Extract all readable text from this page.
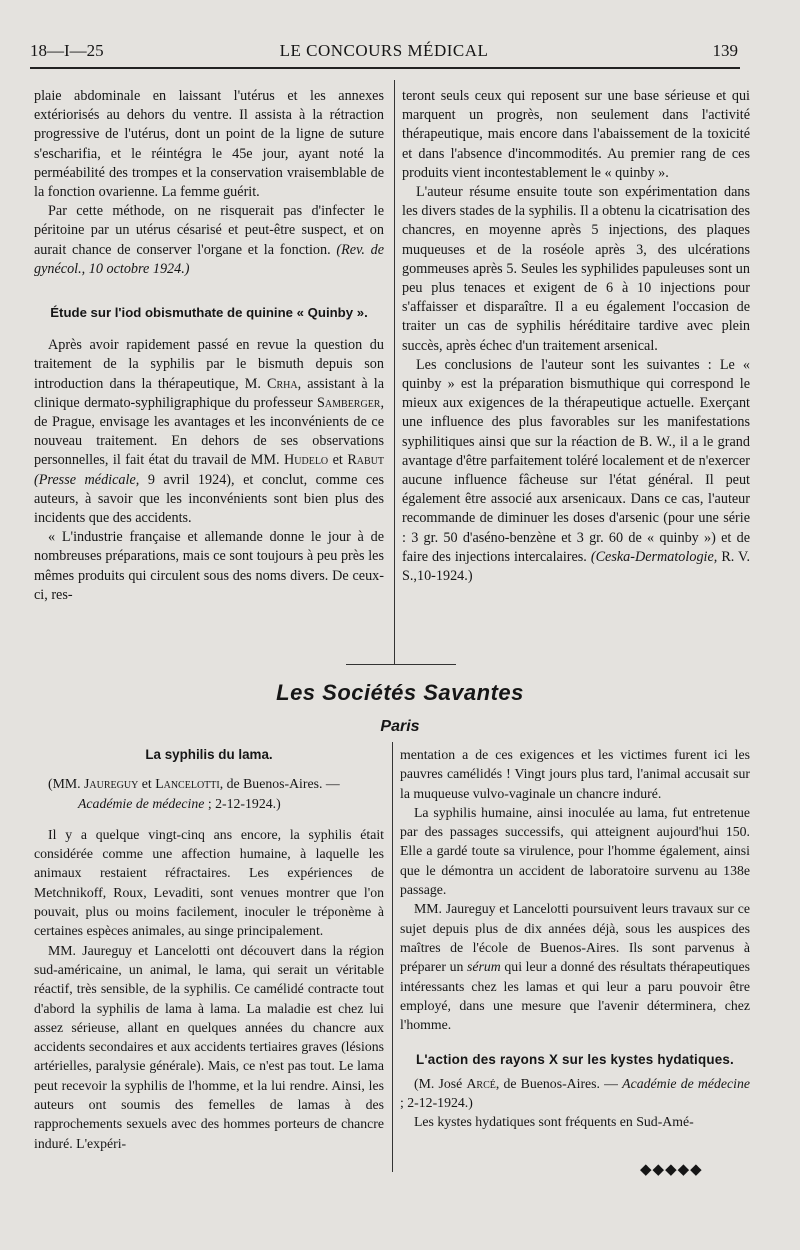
18—I—25	LE CONCOURS MÉDICAL	139

plaie abdominale en laissant l'utérus et les annexes extériorisés au dehors du ventre. Il assista à la rétraction progressive de l'utérus, dont un point de la ligne de suture s'escharifia, et le réintégra le 45e jour, ayant noté la perméabilité des trompes et la conservation vraisemblable de la fonction ovarienne. La femme guérit.

Par cette méthode, on ne risquerait pas d'infecter le péritoine par un utérus césarisé et peut-être suspect, et on aurait chance de conserver l'organe et la fonction. (Rev. de gynécol., 10 octobre 1924.)

Étude sur l'iod obismuthate de quinine « Quinby ».

Après avoir rapidement passé en revue la question du traitement de la syphilis par le bismuth depuis son introduction dans la thérapeutique, M. Crha, assistant à la clinique dermato-syphiligraphique du professeur Samberger, de Prague, envisage les avantages et les inconvénients de ce nouveau traitement. En dehors de ses observations personnelles, il fait état du travail de MM. Hudelo et Rabut (Presse médicale, 9 avril 1924), et conclut, comme ces auteurs, à savoir que les inconvénients sont bien plus des incidents que des accidents.

« L'industrie française et allemande donne le jour à de nombreuses préparations, mais ce sont toujours à peu près les mêmes produits qui circulent sous des noms divers. De ceux-ci, res-

teront seuls ceux qui reposent sur une base sérieuse et qui marquent un progrès, non seulement dans l'activité thérapeutique, mais encore dans l'abaissement de la toxicité et dans l'absence d'incommodités. Au premier rang de ces produits vient incontestablement le « quinby ».

L'auteur résume ensuite toute son expérimentation dans les divers stades de la syphilis. Il a obtenu la cicatrisation des chancres, en moyenne après 5 injections, des plaques muqueuses et de la roséole après 3, des ulcérations gommeuses après 5. Seules les syphilides papuleuses sont un peu plus tenaces et exigent de 6 à 10 injections pour s'affaisser et disparaître. Il a eu également l'occasion de traiter un cas de syphilis héréditaire tardive avec plein succès, après échec d'un traitement arsenical.

Les conclusions de l'auteur sont les suivantes : Le « quinby » est la préparation bismuthique qui correspond le mieux aux exigences de la thérapeutique actuelle. Exerçant une influence des plus favorables sur les manifestations syphilitiques ainsi que sur la réaction de B. W., il a le grand avantage d'être parfaitement toléré localement et de n'exercer aucune influence fâcheuse sur l'état général. Il peut également être associé aux arsenicaux. Dans ce cas, l'auteur recommande de diminuer les doses d'arsenic (pour une série : 3 gr. 50 d'aséno-benzène et 3 gr. 60 de « quinby ») et de faire des injections intercalaires. (Ceska-Dermatologie, R. V. S.,10-1924.)

Les Sociétés Savantes
Paris
La syphilis du lama.

(MM. Jaureguy et Lancelotti, de Buenos-Aires. —
Académie de médecine ; 2-12-1924.)

Il y a quelque vingt-cinq ans encore, la syphilis était considérée comme une affection humaine, à laquelle les animaux restaient réfractaires. Les expériences de Metchnikoff, Roux, Levaditi, sont venues montrer que l'on pouvait, plus ou moins facilement, inoculer le tréponème à certaines espèces animales, au singe principalement.

MM. Jaureguy et Lancelotti ont découvert dans la région sud-américaine, un animal, le lama, qui serait un véritable réactif, très sensible, de la syphilis. Ce camélidé contracte tout d'abord la syphilis de lama à lama. La maladie est chez lui assez sérieuse, allant en quelques années du chancre aux accidents secondaires et aux accidents tertiaires graves (lésions artérielles, paralysie générale). Mais, ce n'est pas tout. Le lama peut recevoir la syphilis de l'homme, et la lui rendre. Ainsi, les auteurs ont soumis des femelles de lamas à des rapprochements sexuels avec des hommes porteurs de chancre induré. L'expéri-

mentation a de ces exigences et les victimes furent ici les pauvres camélidés ! Vingt jours plus tard, l'animal accusait sur la muqueuse vulvo-vaginale un chancre induré.

La syphilis humaine, ainsi inoculée au lama, fut entretenue par des passages successifs, qui atteignent aujourd'hui 150. Elle a gardé toute sa virulence, pour l'homme également, ainsi que le démontra un accident de laboratoire survenu au 138e passage.

MM. Jaureguy et Lancelotti poursuivent leurs travaux sur ce sujet depuis plus de dix années déjà, sous les auspices des maîtres de l'école de Buenos-Aires. Ils sont parvenus à préparer un sérum qui leur a donné des résultats thérapeutiques intéressants chez les lamas et qui leur a paru pouvoir être employé, dans une mesure que l'avenir déterminera, chez l'homme.

L'action des rayons X sur les kystes hydatiques.

(M. José Arcé, de Buenos-Aires. — Académie de médecine ; 2-12-1924.)

Les kystes hydatiques sont fréquents en Sud-Amé-

◆◆◆◆◆
